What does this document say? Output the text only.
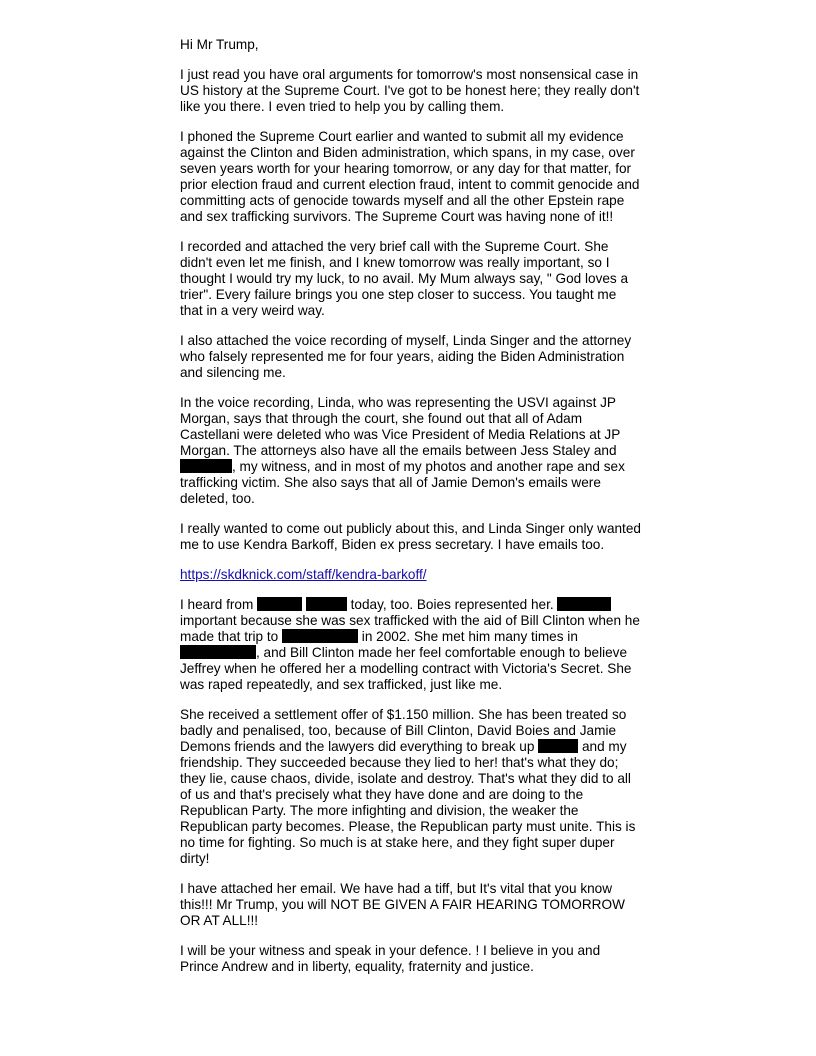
Hi Mr Trump,

I just read you have oral arguments for tomorrow's most nonsensical case in US history at the Supreme Court. I've got to be honest here; they really don't like you there. I even tried to help you by calling them.

I phoned the Supreme Court earlier and wanted to submit all my evidence against the Clinton and Biden administration, which spans, in my case, over seven years worth for your hearing tomorrow, or any day for that matter, for prior election fraud and current election fraud, intent to commit genocide and committing acts of genocide towards myself and all the other Epstein rape and sex trafficking survivors. The Supreme Court was having none of it!!

I recorded and attached the very brief call with the Supreme Court. She didn't even let me finish, and I knew tomorrow was really important, so I thought I would try my luck, to no avail. My Mum always say, " God loves a trier". Every failure brings you one step closer to success. You taught me that in a very weird way.

I also attached the voice recording of myself, Linda Singer and the attorney who falsely represented me for four years, aiding the Biden Administration and silencing me.

In the voice recording, Linda, who was representing the USVI against JP Morgan, says that through the court, she found out that all of Adam Castellani were deleted who was Vice President of Media Relations at JP Morgan. The attorneys also have all the emails between Jess Staley and , my witness, and in most of my photos and another rape and sex trafficking victim. She also says that all of Jamie Demon's emails were deleted, too.

I really wanted to come out publicly about this, and Linda Singer only wanted me to use Kendra Barkoff, Biden ex press secretary. I have emails too.

https://skdknick.com/staff/kendra-barkoff/

I heard from	today, too. Boies represented her.  important because she was sex trafficked with the aid of Bill Clinton when he made that trip to	in 2002. She met him many times in , and Bill Clinton made her feel comfortable enough to believe Jeffrey when he offered her a modelling contract with Victoria's Secret. She was raped repeatedly, and sex trafficked, just like me.

She received a settlement offer of $1.150 million. She has been treated so badly and penalised, too, because of Bill Clinton, David Boies and Jamie Demons friends and the lawyers did everything to break up	and my friendship. They succeeded because they lied to her! that's what they do; they lie, cause chaos, divide, isolate and destroy. That's what they did to all of us and that's precisely what they have done and are doing to the Republican Party. The more infighting and division, the weaker the Republican party becomes. Please, the Republican party must unite. This is no time for fighting. So much is at stake here, and they fight super duper dirty!

I have attached her email. We have had a tiff, but It's vital that you know this!!! Mr Trump, you will NOT BE GIVEN A FAIR HEARING TOMORROW OR AT ALL!!!

I will be your witness and speak in your defence. ! I believe in you and Prince Andrew and in liberty, equality, fraternity and justice.
